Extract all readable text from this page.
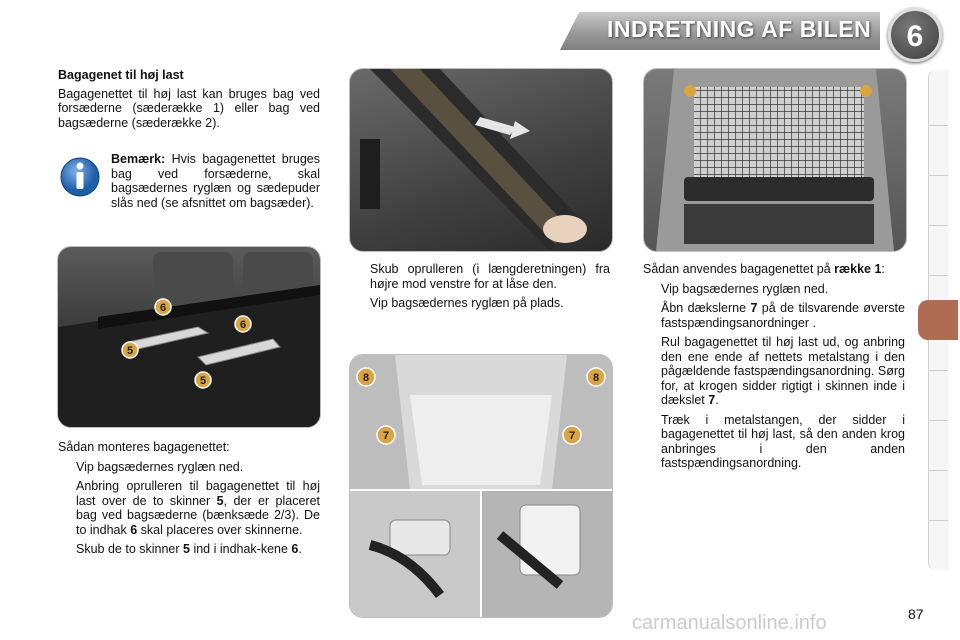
INDRETNING AF BILEN	6
Bagagenet til høj last

Bagagenettet til høj last kan bruges bag ved forsæderne (sæderække 1) eller bag ved bagsæderne (sæderække 2).

Bemærk: Hvis bagagenettet bruges bag ved forsæderne, skal bagsædernes ryglæn og sædepuder slås ned (se afsnittet om bagsæder).

6
6
5
5

Sådan monteres bagagenettet:

Vip bagsædernes ryglæn ned.
Anbring oprulleren til bagagenettet til høj last over de to skinner 5, der er placeret bag ved bagsæderne (bænksæde 2/3). De to indhak 6 skal placeres over skinnerne.
Skub de to skinner 5 ind i indhak-kene 6.
Skub oprulleren (i længderetningen) fra højre mod venstre for at låse den.
Vip bagsædernes ryglæn på plads.
8	8
7	7

Sådan anvendes bagagenettet på række 1:

Vip bagsædernes ryglæn ned.
Åbn dækslerne 7 på de tilsvarende øverste fastspændingsanordninger .
Rul bagagenettet til høj last ud, og anbring den ene ende af nettets metalstang i den pågældende fastspændingsanordning. Sørg for, at krogen sidder rigtigt i skinnen inde i dækslet 7.
Træk i metalstangen, der sidder i bagagenettet til høj last, så den anden krog anbringes i den anden fastspændingsanordning.
carmanualsonline.info	87
